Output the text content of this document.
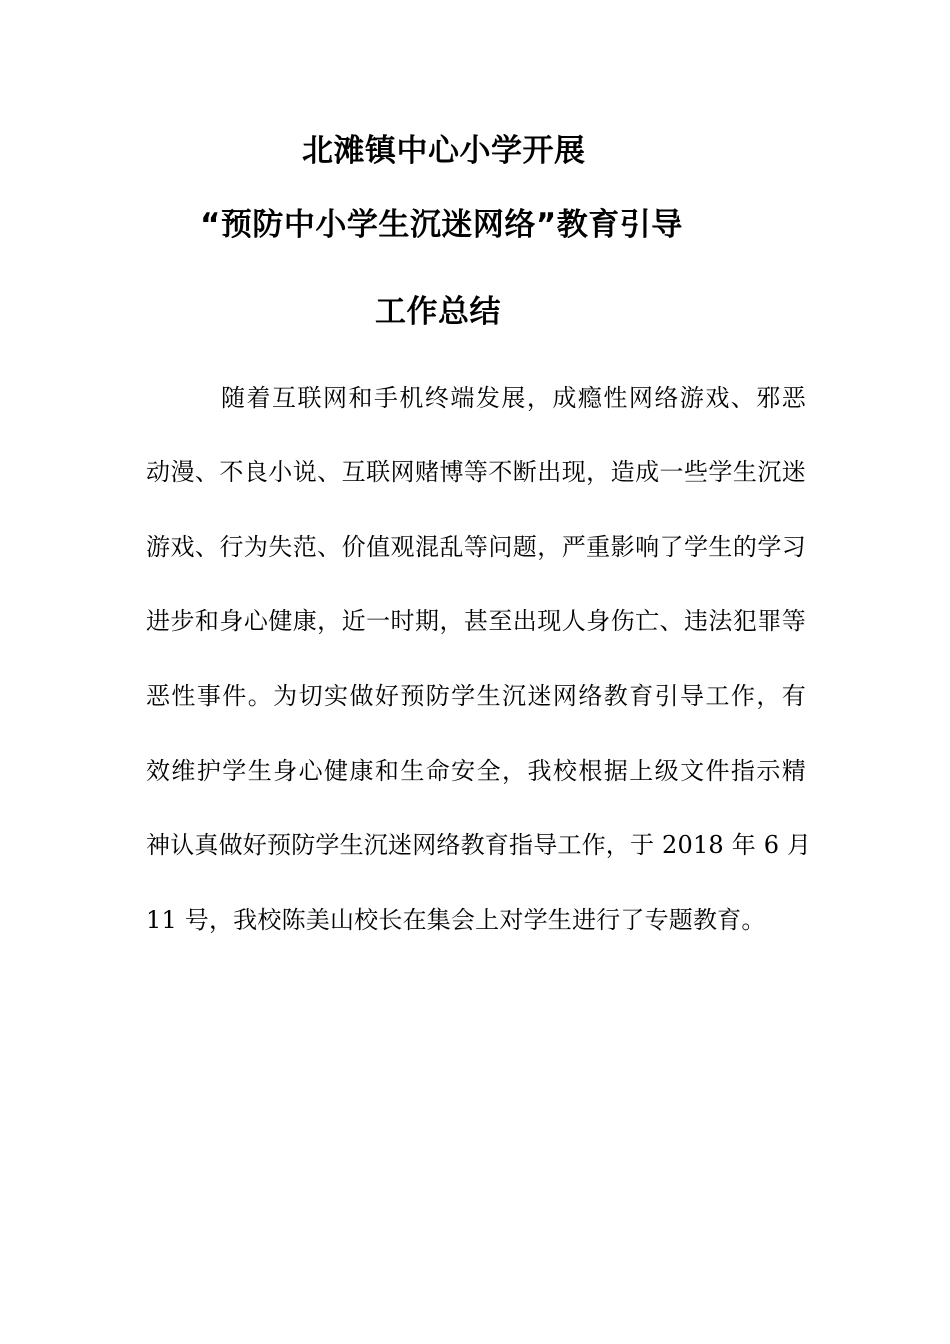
北滩镇中心小学开展
“预防中小学生沉迷网络”教育引导
工作总结
随着互联网和手机终端发展，成瘾性网络游戏、邪恶
动漫、不良小说、互联网赌博等不断出现，造成一些学生沉迷
游戏、行为失范、价值观混乱等问题，严重影响了学生的学习
进步和身心健康，近一时期，甚至出现人身伤亡、违法犯罪等
恶性事件。为切实做好预防学生沉迷网络教育引导工作，有
效维护学生身心健康和生命安全，我校根据上级文件指示精
神认真做好预防学生沉迷网络教育指导工作，于 2018 年 6 月
11 号，我校陈美山校长在集会上对学生进行了专题教育。
